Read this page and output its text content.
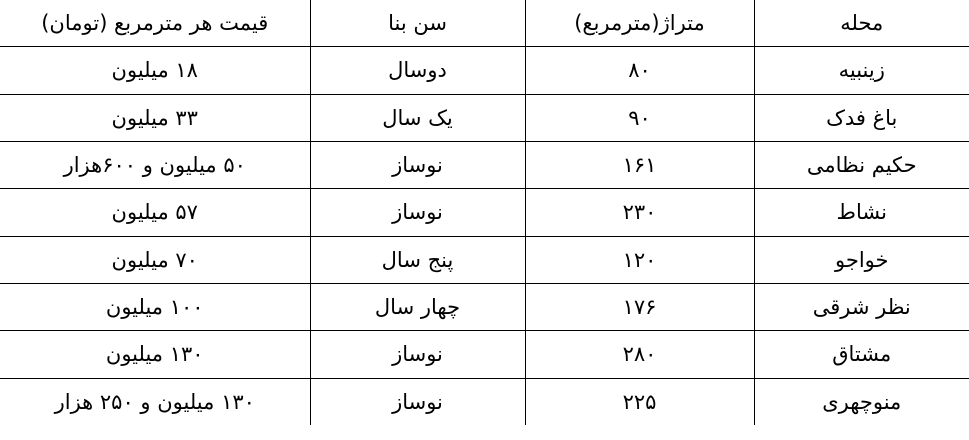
محله	متراژ(مترمربع)	سن بنا	قیمت هر مترمربع (تومان)
زینبیه	۸۰	دوسال	۱۸ میلیون
باغ فدک	۹۰	یک سال	۳۳ میلیون
حکیم نظامی	۱۶۱	نوساز	۵۰ میلیون و ۶۰۰هزار
نشاط	۲۳۰	نوساز	۵۷ میلیون
خواجو	۱۲۰	پنج سال	۷۰ میلیون
نظر شرقی	۱۷۶	چهار سال	۱۰۰ میلیون
مشتاق	۲۸۰	نوساز	۱۳۰ میلیون
منوچهری	۲۲۵	نوساز	۱۳۰ میلیون و ۲۵۰ هزار
